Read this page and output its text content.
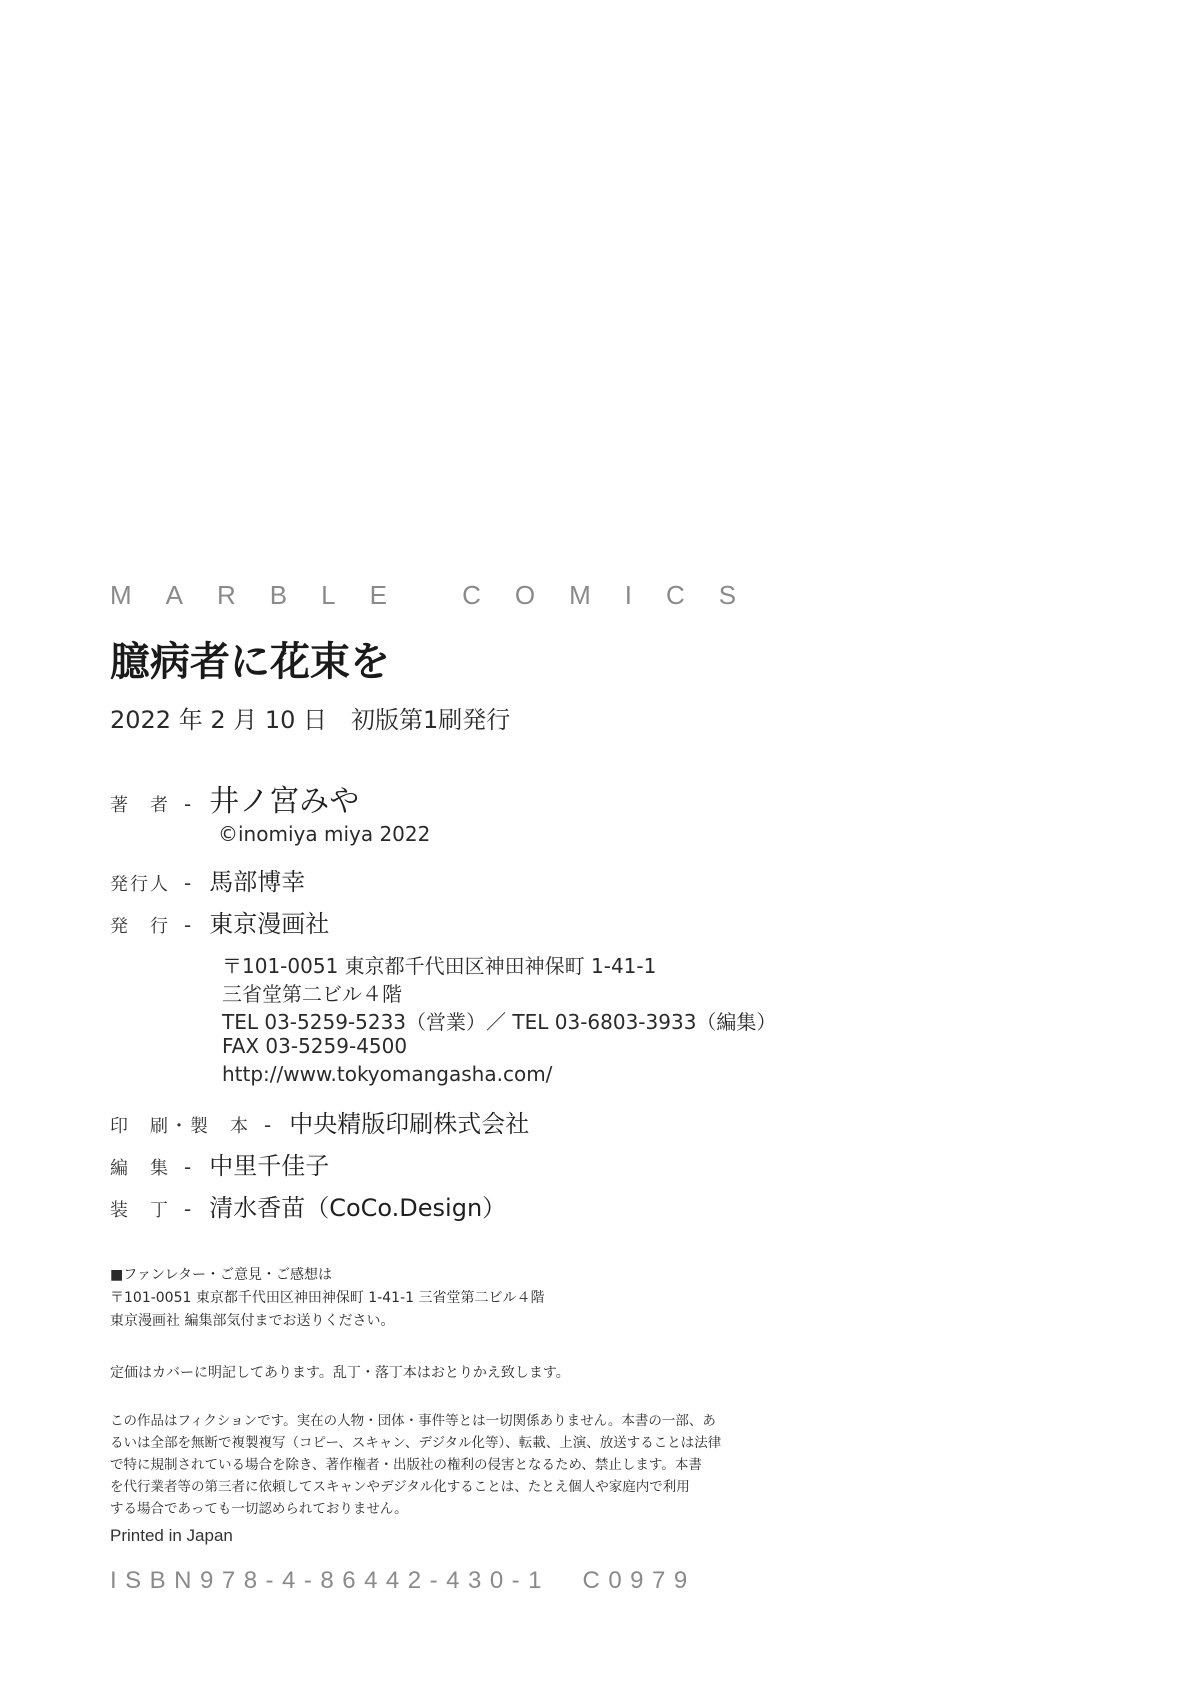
MARBLE COMICS
臆病者に花束を
2022 年 2 月 10 日　初版第1刷発行
著　者 - 井ノ宮みや
©inomiya miya 2022
発行人 - 馬部博幸
発　行 - 東京漫画社
〒101-0051 東京都千代田区神田神保町 1-41-1
三省堂第二ビル４階
TEL 03-5259-5233（営業）／ TEL 03-6803-3933（編集）
FAX 03-5259-4500
http://www.tokyomangasha.com/
印　刷・製　本 - 中央精版印刷株式会社
編　集 - 中里千佳子
装　丁 - 清水香苗（CoCo.Design）
■ファンレター・ご意見・ご感想は
〒101-0051 東京都千代田区神田神保町 1-41-1 三省堂第二ビル４階
東京漫画社 編集部気付までお送りください。
定価はカバーに明記してあります。乱丁・落丁本はおとりかえ致します。
この作品はフィクションです。実在の人物・団体・事件等とは一切関係ありません。本書の一部、あ
るいは全部を無断で複製複写（コピー、スキャン、デジタル化等）、転載、上演、放送することは法律
で特に規制されている場合を除き、著作権者・出版社の権利の侵害となるため、禁止します。本書
を代行業者等の第三者に依頼してスキャンやデジタル化することは、たとえ個人や家庭内で利用
する場合であっても一切認められておりません。
Printed in Japan
ISBN978-4-86442-430-1　C0979
